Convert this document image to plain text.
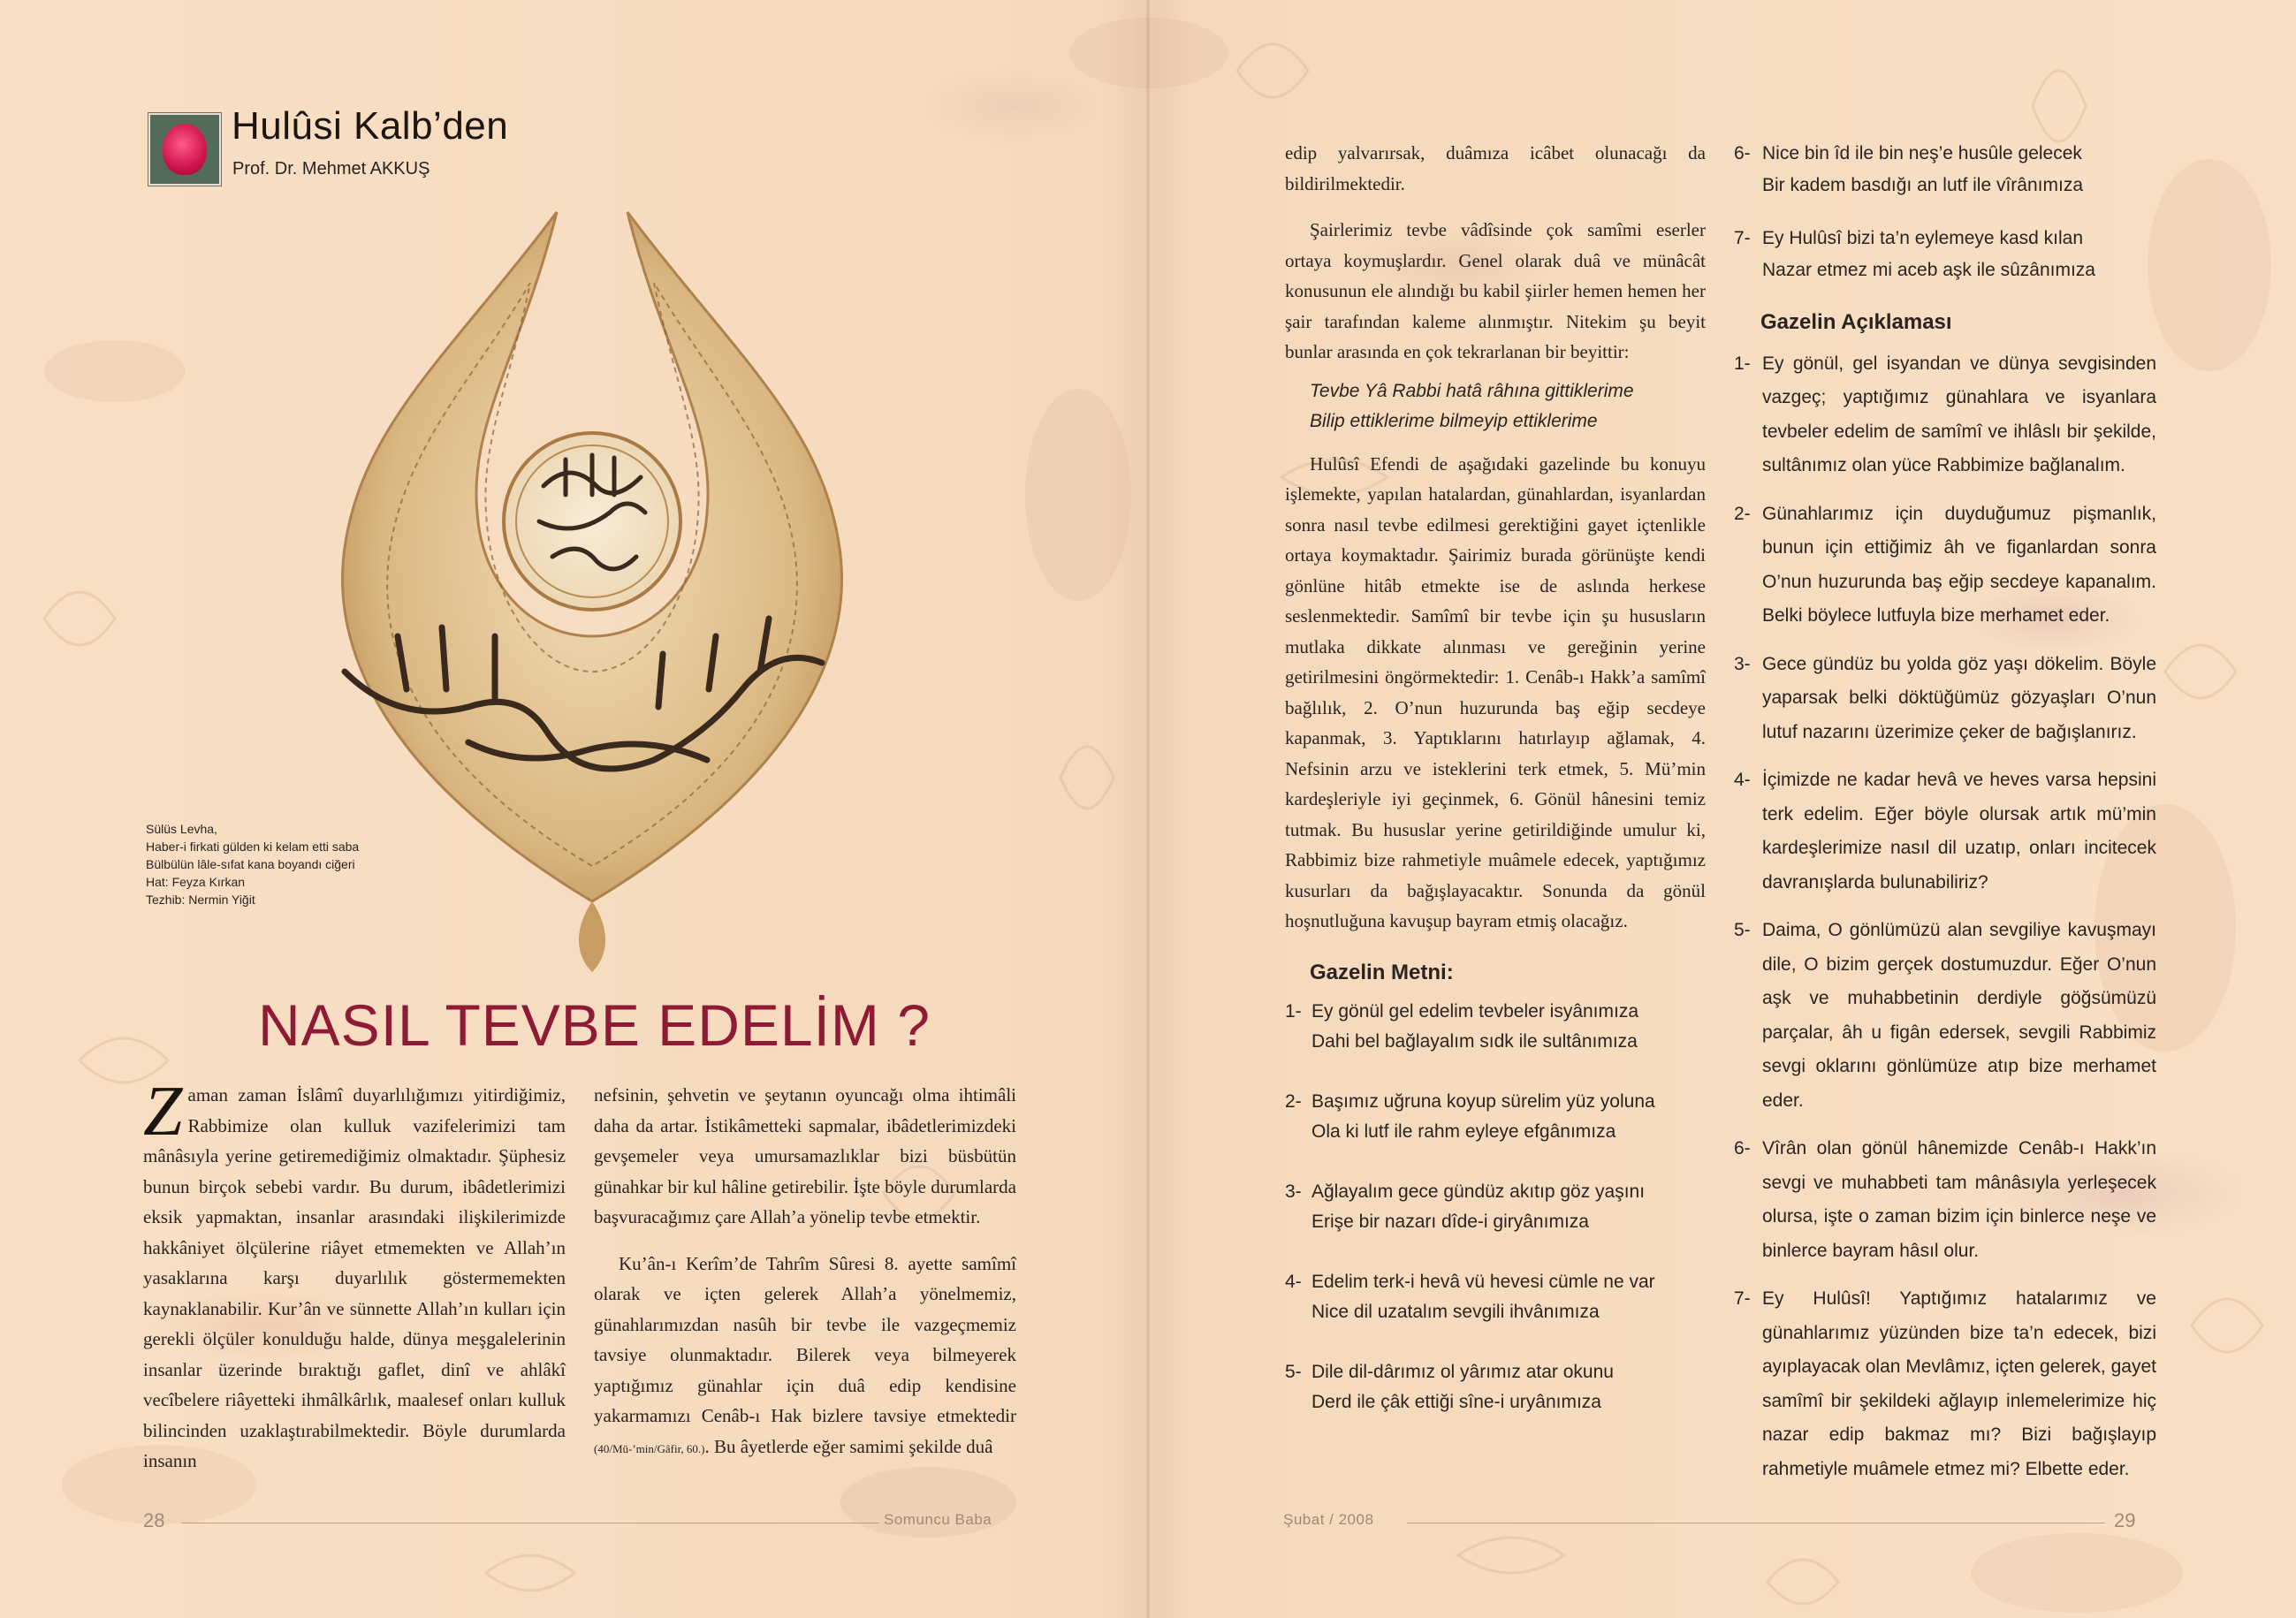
Hulûsi Kalb’den
Prof. Dr. Mehmet AKKUŞ
Sülüs Levha,
Haber-i firkati gülden ki kelam etti saba
Bülbülün lâle-sıfat kana boyandı ciğeri
Hat: Feyza Kırkan
Tezhib: Nermin Yiğit
NASIL TEVBE EDELİM ?

Zaman zaman İslâmî duyarlılığımızı yitirdiğimiz, Rabbimize olan kulluk vazifelerimizi tam mânâsıyla yerine getiremediğimiz olmaktadır. Şüphesiz bunun birçok sebebi vardır. Bu durum, ibâdetlerimizi eksik yapmaktan, insanlar arasındaki ilişkilerimizde hakkâniyet ölçülerine riâyet etmemekten ve Allah’ın yasaklarına karşı duyarlılık göstermemekten kaynaklanabilir. Kur’ân ve sünnette Allah’ın kulları için gerekli ölçüler konulduğu halde, dünya meşgalelerinin insanlar üzerinde bıraktığı gaflet, dinî ve ahlâkî vecîbelere riâyetteki ihmâlkârlık, maalesef onları kulluk bilincinden uzaklaştırabilmektedir. Böyle durumlarda insanın

nefsinin, şehvetin ve şeytanın oyuncağı olma ihtimâli daha da artar. İstikâmetteki sapmalar, ibâdetlerimizdeki gevşemeler veya umursamazlıklar bizi büsbütün günahkar bir kul hâline getirebilir. İşte böyle durumlarda başvuracağımız çare Allah’a yönelip tevbe etmektir.

Ku’ân-ı Kerîm’de Tahrîm Sûresi 8. ayette samîmî olarak ve içten gelerek Allah’a yönelmemiz, günahlarımızdan nasûh bir tevbe ile vazgeçmemiz tavsiye olunmaktadır. Bilerek veya bilmeyerek yaptığımız günahlar için duâ edip kendisine yakarmamızı Cenâb-ı Hak bizlere tavsiye etmektedir (40/Mü-’min/Gâfir, 60.). Bu âyetlerde eğer samimi şekilde duâ

edip yalvarırsak, duâmıza icâbet olunacağı da bildirilmektedir.

Şairlerimiz tevbe vâdîsinde çok samîmi eserler ortaya koymuşlardır. Genel olarak duâ ve münâcât konusunun ele alındığı bu kabil şiirler hemen hemen her şair tarafından kaleme alınmıştır. Nitekim şu beyit bunlar arasında en çok tekrarlanan bir beyittir:

Tevbe Yâ Rabbi hatâ râhına gittiklerime
Bilip ettiklerime bilmeyip ettiklerime

Hulûsî Efendi de aşağıdaki gazelinde bu konuyu işlemekte, yapılan hatalardan, günahlardan, isyanlardan sonra nasıl tevbe edilmesi gerektiğini gayet içtenlikle ortaya koymaktadır. Şairimiz burada görünüşte kendi gönlüne hitâb etmekte ise de aslında herkese seslenmektedir. Samîmî bir tevbe için şu hususların mutlaka dikkate alınması ve gereğinin yerine getirilmesini öngörmektedir: 1. Cenâb-ı Hakk’a samîmî bağlılık, 2. O’nun huzurunda baş eğip secdeye kapanmak, 3. Yaptıklarını hatırlayıp ağlamak, 4. Nefsinin arzu ve isteklerini terk etmek, 5. Mü’min kardeşleriyle iyi geçinmek, 6. Gönül hânesini temiz tutmak. Bu hususlar yerine getirildiğinde umulur ki, Rabbimiz bize rahmetiyle muâmele edecek, yaptığımız kusurları da bağışlayacaktır. Sonunda da gönül hoşnutluğuna kavuşup bayram etmiş olacağız.

Gazelin Metni:
1- Ey gönül gel edelim tevbeler isyânımıza
Dahi bel bağlayalım sıdk ile sultânımıza
2- Başımız uğruna koyup sürelim yüz yoluna
Ola ki lutf ile rahm eyleye efgânımıza
3- Ağlayalım gece gündüz akıtıp göz yaşını
Erişe bir nazarı dîde-i giryânımıza
4- Edelim terk-i hevâ vü hevesi cümle ne var
Nice dil uzatalım sevgili ihvânımıza
5- Dile dil-dârımız ol yârımız atar okunu
Derd ile çâk ettiği sîne-i uryânımıza
6- Nice bin îd ile bin neş’e husûle gelecek
Bir kadem basdığı an lutf ile vîrânımıza
7- Ey Hulûsî bizi ta’n eylemeye kasd kılan
Nazar etmez mi aceb aşk ile sûzânımıza
Gazelin Açıklaması
1- Ey gönül, gel isyandan ve dünya sevgisinden vazgeç; yaptığımız günahlara ve isyanlara tevbeler edelim de samîmî ve ihlâslı bir şekilde, sultânımız olan yüce Rabbimize bağlanalım.
2- Günahlarımız için duyduğumuz pişmanlık, bunun için ettiğimiz âh ve figanlardan sonra O’nun huzurunda baş eğip secdeye kapanalım. Belki böylece lutfuyla bize merhamet eder.
3- Gece gündüz bu yolda göz yaşı dökelim. Böyle yaparsak belki döktüğümüz gözyaşları O’nun lutuf nazarını üzerimize çeker de bağışlanırız.
4- İçimizde ne kadar hevâ ve heves varsa hepsini terk edelim. Eğer böyle olursak artık mü’min kardeşlerimize nasıl dil uzatıp, onları incitecek davranışlarda bulunabiliriz?
5- Daima, O gönlümüzü alan sevgiliye kavuşmayı dile, O bizim gerçek dostumuzdur. Eğer O’nun aşk ve muhabbetinin derdiyle göğsümüzü parçalar, âh u figân edersek, sevgili Rabbimiz sevgi oklarını gönlümüze atıp bize merhamet eder.
6- Vîrân olan gönül hânemizde Cenâb-ı Hakk’ın sevgi ve muhabbeti tam mânâsıyla yerleşecek olursa, işte o zaman bizim için binlerce neşe ve binlerce bayram hâsıl olur.
7- Ey Hulûsî! Yaptığımız hatalarımız ve günahlarımız yüzünden bize ta’n edecek, bizi ayıplayacak olan Mevlâmız, içten gelerek, gayet samîmî bir şekildeki ağlayıp inlemelerimize hiç nazar edip bakmaz mı? Bizi bağışlayıp rahmetiyle muâmele etmez mi? Elbette eder.
28	Somuncu Baba	Şubat / 2008	29
